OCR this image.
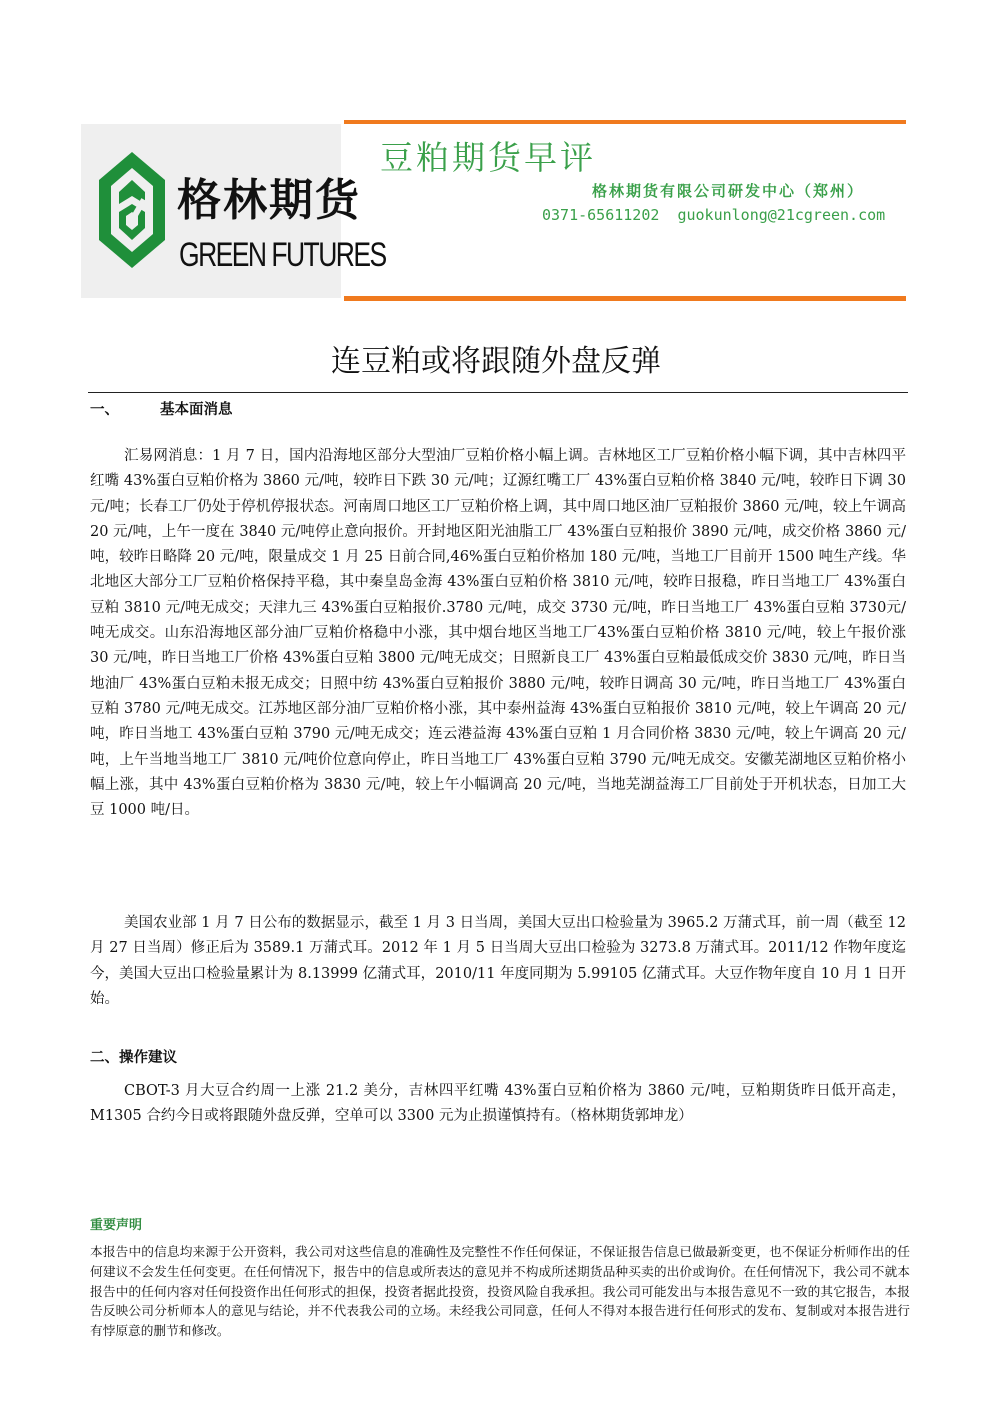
格林期货
GREEN FUTURES
豆粕期货早评
格林期货有限公司研发中心（郑州）
0371-65611202  guokunlong@21cgreen.com
连豆粕或将跟随外盘反弹
一、	基本面消息

汇易网消息：1 月 7 日，国内沿海地区部分大型油厂豆粕价格小幅上调。吉林地区工厂豆粕价格小幅下调，其中吉林四平红嘴 43%蛋白豆粕价格为 3860 元/吨，较昨日下跌 30 元/吨；辽源红嘴工厂 43%蛋白豆粕价格 3840 元/吨，较昨日下调 30 元/吨；长春工厂仍处于停机停报状态。河南周口地区工厂豆粕价格上调，其中周口地区油厂豆粕报价 3860 元/吨，较上午调高 20 元/吨，上午一度在 3840 元/吨停止意向报价。开封地区阳光油脂工厂 43%蛋白豆粕报价 3890 元/吨，成交价格 3860 元/吨，较昨日略降 20 元/吨，限量成交 1 月 25 日前合同,46%蛋白豆粕价格加 180 元/吨，当地工厂目前开 1500 吨生产线。华北地区大部分工厂豆粕价格保持平稳，其中秦皇岛金海 43%蛋白豆粕价格 3810 元/吨，较昨日报稳，昨日当地工厂 43%蛋白豆粕 3810 元/吨无成交；天津九三 43%蛋白豆粕报价.3780 元/吨，成交 3730 元/吨，昨日当地工厂 43%蛋白豆粕 3730元/吨无成交。山东沿海地区部分油厂豆粕价格稳中小涨，其中烟台地区当地工厂43%蛋白豆粕价格 3810 元/吨，较上午报价涨 30 元/吨，昨日当地工厂价格 43%蛋白豆粕 3800 元/吨无成交；日照新良工厂 43%蛋白豆粕最低成交价 3830 元/吨，昨日当地油厂 43%蛋白豆粕未报无成交；日照中纺 43%蛋白豆粕报价 3880 元/吨，较昨日调高 30 元/吨，昨日当地工厂 43%蛋白豆粕 3780 元/吨无成交。江苏地区部分油厂豆粕价格小涨，其中泰州益海 43%蛋白豆粕报价 3810 元/吨，较上午调高 20 元/吨，昨日当地工 43%蛋白豆粕 3790 元/吨无成交；连云港益海 43%蛋白豆粕 1 月合同价格 3830 元/吨，较上午调高 20 元/吨，上午当地当地工厂 3810 元/吨价位意向停止，昨日当地工厂 43%蛋白豆粕 3790 元/吨无成交。安徽芜湖地区豆粕价格小幅上涨，其中 43%蛋白豆粕价格为 3830 元/吨，较上午小幅调高 20 元/吨，当地芜湖益海工厂目前处于开机状态，日加工大豆 1000 吨/日。

美国农业部 1 月 7 日公布的数据显示，截至 1 月 3 日当周，美国大豆出口检验量为 3965.2 万蒲式耳，前一周（截至 12 月 27 日当周）修正后为 3589.1 万蒲式耳。2012 年 1 月 5 日当周大豆出口检验为 3273.8 万蒲式耳。2011/12 作物年度迄今，美国大豆出口检验量累计为 8.13999 亿蒲式耳，2010/11 年度同期为 5.99105 亿蒲式耳。大豆作物年度自 10 月 1 日开始。

二、操作建议

CBOT-3 月大豆合约周一上涨 21.2 美分，吉林四平红嘴 43%蛋白豆粕价格为 3860 元/吨，豆粕期货昨日低开高走，M1305 合约今日或将跟随外盘反弹，空单可以 3300 元为止损谨慎持有。（格林期货郭坤龙）

重要声明

本报告中的信息均来源于公开资料，我公司对这些信息的准确性及完整性不作任何保证，不保证报告信息已做最新变更，也不保证分析师作出的任何建议不会发生任何变更。在任何情况下，报告中的信息或所表达的意见并不构成所述期货品种买卖的出价或询价。在任何情况下，我公司不就本报告中的任何内容对任何投资作出任何形式的担保，投资者据此投资，投资风险自我承担。我公司可能发出与本报告意见不一致的其它报告，本报告反映公司分析师本人的意见与结论，并不代表我公司的立场。未经我公司同意，任何人不得对本报告进行任何形式的发布、复制或对本报告进行有悖原意的删节和修改。
